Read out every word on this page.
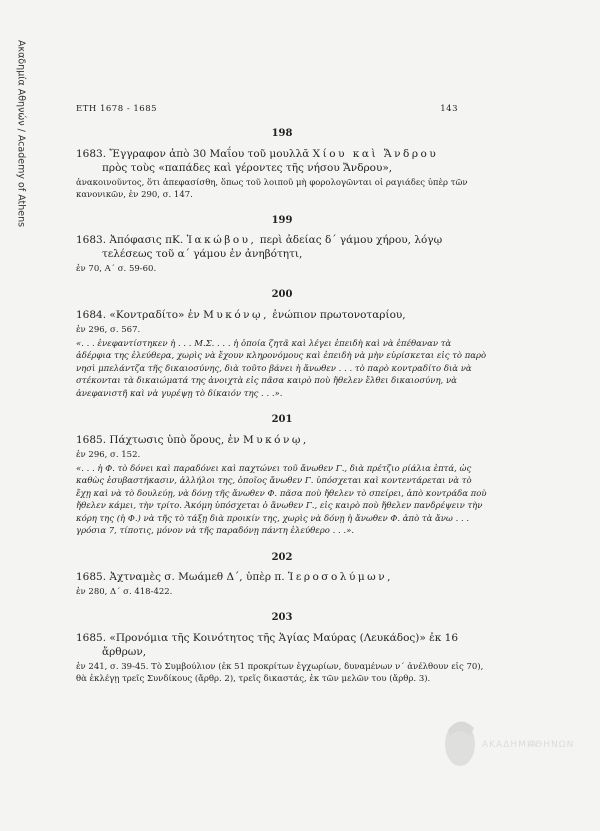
Ακαδημία Αθηνών / Academy of Athens	ΕΤΗ 1678 - 1685	143
198
1683. Ἔγγραφον ἀπὸ 30 Μαΐου τοῦ μουλλᾶ Χίου καὶ Ἄνδρου
πρὸς τοὺς «παπάδες καὶ γέροντες τῆς νήσου Ἄνδρου»,
ἀνακοινοῦντος, ὅτι ἀπεφασίσθη, ὅπως τοῦ λοιποῦ μὴ φορολογῶνται οἱ ραγιάδες ὑπὲρ τῶν κανονικῶν, ἐν 290, σ. 147.
199
1683. Ἀπόφασις πΚ. Ἰακώβου, περὶ ἀδείας δ΄ γάμου χήρου, λόγῳ
τελέσεως τοῦ α΄ γάμου ἐν ἀνηβότητι,
ἐν 70, Α΄ σ. 59-60.
200
1684. «Κοντραδίτο» ἐν Μυκόνῳ, ἐνώπιον πρωτονοταρίου,
ἐν 296, σ. 567.
«. . . ἐνεφαντίστηκεν ἡ . . . Μ.Σ. . . . ἡ ὁποία ζητᾶ καὶ λέγει ἐπειδὴ καὶ νὰ ἐπέθαναν τὰ ἀδέρφια της ἐλεύθερα, χωρὶς νὰ ἔχουν κληρονόμους καὶ ἐπειδὴ νὰ μὴν εὑρίσκεται εἰς τὸ παρὸ νησὶ μπελάντζα τῆς δικαιοσύνης, διὰ τοῦτο βάνει ἡ ἄνωθεν . . . τὸ παρὸ κοντραδίτο διὰ νὰ στέκονται τὰ δικαιώματά της ἀνοιχτὰ εἰς πᾶσα καιρὸ ποὺ ἤθελεν ἔλθει δικαιοσύνη, νὰ ἀνεφανιστῆ καὶ νὰ γυρέψῃ τὸ δίκαιόν της . . .».
201
1685. Πάχτωσις ὑπὸ ὅρους, ἐν Μυκόνῳ,
ἐν 296, σ. 152.
«. . . ἡ Φ. τὸ δόνει καὶ παραδόνει καὶ παχτώνει τοῦ ἄνωθεν Γ., διὰ πρέτζιο ρίάλια ἑπτά, ὡς καθὼς ἐσυβαστήκασιν, ἀλλήλοι της, ὁποῖος ἄνωθεν Γ. ὑπόσχεται καὶ κοντεντάρεται νὰ τὸ ἔχῃ καὶ νὰ τὸ δουλεύῃ, νὰ δόνῃ τῆς ἄνωθεν Φ. πᾶσα ποὺ ἤθελεν τὸ σπείρει, ἀπὸ κοντράδα ποὺ ἤθελεν κάμει, τὴν τρίτο. Ἀκόμη ὑπόσχεται ὁ ἄνωθεν Γ., εἰς καιρὸ ποὺ ἤθελεν πανδρέψειν τὴν κόρη της (ἡ Φ.) νὰ τῆς τὸ τάξῃ διὰ προικίν της, χωρὶς νὰ δόνῃ ἡ ἄνωθεν Φ. ἀπὸ τὰ ἄνω . . . γρόσια 7, τίποτις, μόνον νὰ τῆς παραδόνῃ πάντη ἐλεύθερο . . .».
202
1685. Ἀχτναμὲς σ. Μωάμεθ Δ΄, ὑπὲρ π. Ἱεροσολύμων,
ἐν 280, Δ΄ σ. 418-422.
203
1685. «Προνόμια τῆς Κοινότητος τῆς Ἁγίας Μαύρας (Λευκάδος)» ἐκ 16
ἄρθρων,
ἐν 241, σ. 39-45. Τὸ Συμβούλιον (ἐκ 51 προκρίτων ἐγχωρίων, δυναμένων ν΄ ἀνέλθουν εἰς 70), θὰ ἐκλέγῃ τρεῖς Συνδίκους (ἄρθρ. 2), τρεῖς δικαστάς, ἐκ τῶν μελῶν του (ἄρθρ. 3).
ΑΚΑΔΗΜΙΑ
ΑΘΗΝΩΝ
